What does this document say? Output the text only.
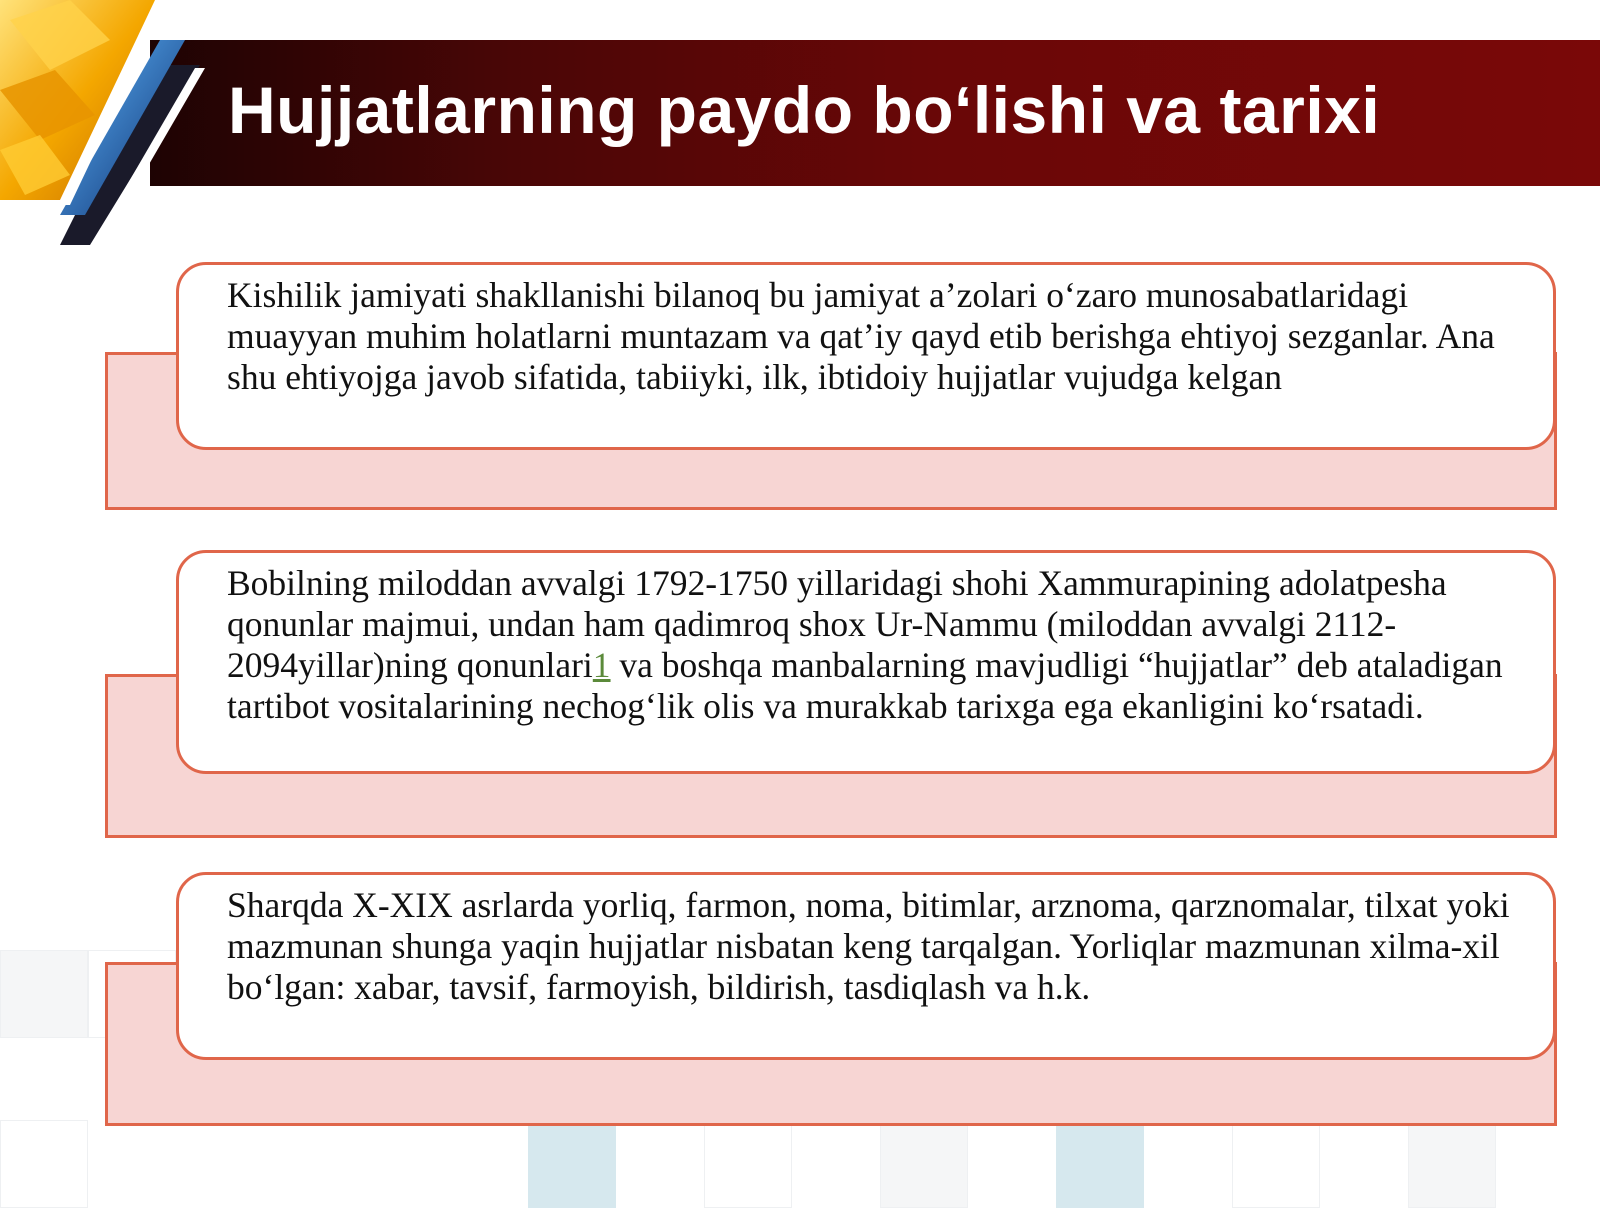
Hujjatlarning paydo bo‘lishi va tarixi
Kishilik jamiyati shakllanishi bilanoq bu jamiyat a’zolari o‘zaro munosabatlaridagi muayyan muhim holatlarni muntazam va qat’iy qayd etib berishga ehtiyoj sezganlar. Ana shu ehtiyojga javob sifatida, tabiiyki, ilk, ibtidoiy hujjatlar vujudga kelgan
Bobilning miloddan avvalgi 1792-1750 yillaridagi shohi Xammurapining adolatpesha qonunlar majmui, undan ham qadimroq shox Ur-Nammu (miloddan avvalgi 2112-2094yillar)ning qonunlari1 va boshqa manbalarning mavjudligi “hujjatlar” deb ataladigan tartibot vositalarining nechog‘lik olis va murakkab tarixga ega ekanligini ko‘rsatadi.
Sharqda X-XIX asrlarda yorliq, farmon, noma, bitimlar, arznoma, qarznomalar, tilxat yoki mazmunan shunga yaqin hujjatlar nisbatan keng tarqalgan. Yorliqlar mazmunan xilma-xil bo‘lgan: xabar, tavsif, farmoyish, bildirish, tasdiqlash va h.k.
